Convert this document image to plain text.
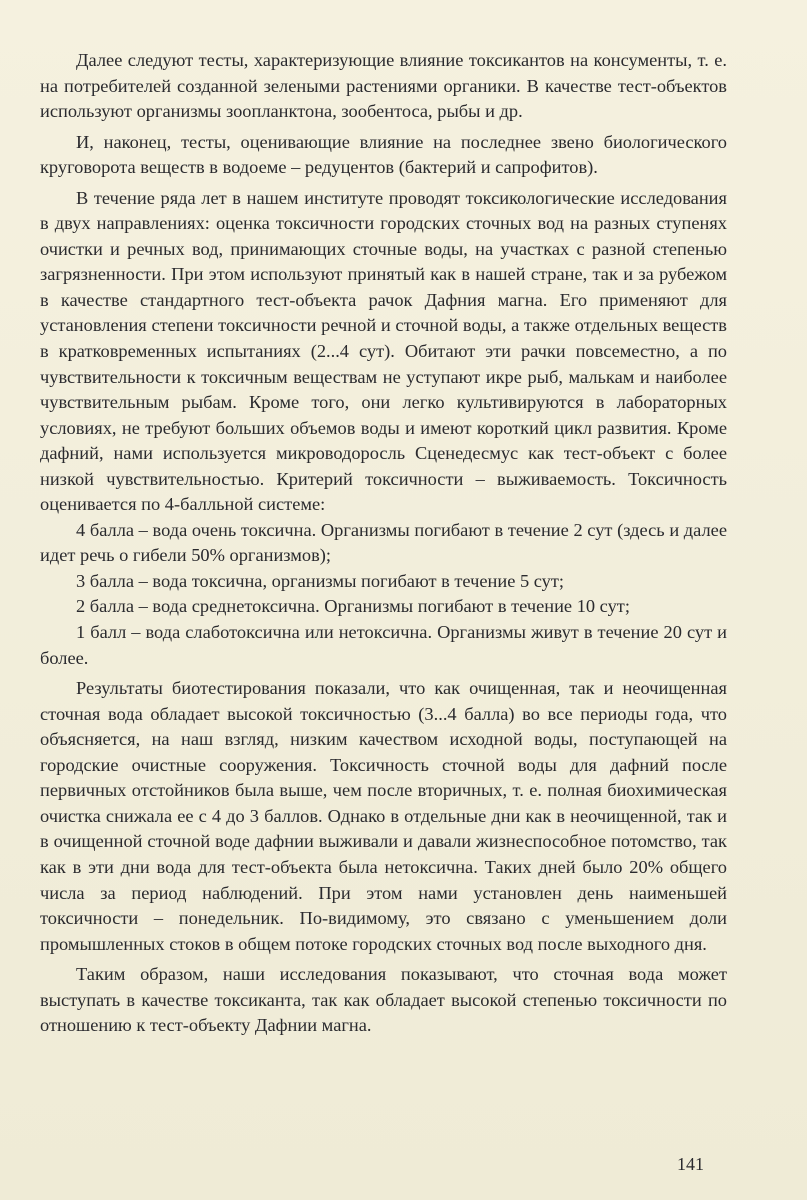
Далее следуют тесты, характеризующие влияние токсикантов на консументы, т. е. на потребителей созданной зелеными растениями органики. В качестве тест-объектов используют организмы зоопланктона, зообентоса, рыбы и др.

И, наконец, тесты, оценивающие влияние на последнее звено биологического круговорота веществ в водоеме – редуцентов (бактерий и сапрофитов).

В течение ряда лет в нашем институте проводят токсикологические исследования в двух направлениях: оценка токсичности городских сточных вод на разных ступенях очистки и речных вод, принимающих сточные воды, на участках с разной степенью загрязненности. При этом используют принятый как в нашей стране, так и за рубежом в качестве стандартного тест-объекта рачок Дафния магна. Его применяют для установления степени токсичности речной и сточной воды, а также отдельных веществ в кратковременных испытаниях (2...4 сут). Обитают эти рачки повсеместно, а по чувствительности к токсичным веществам не уступают икре рыб, малькам и наиболее чувствительным рыбам. Кроме того, они легко культивируются в лабораторных условиях, не требуют больших объемов воды и имеют короткий цикл развития. Кроме дафний, нами используется микроводоросль Сценедесмус как тест-объект с более низкой чувствительностью. Критерий токсичности – выживаемость. Токсичность оценивается по 4-балльной системе:

4 балла – вода очень токсична. Организмы погибают в течение 2 сут (здесь и далее идет речь о гибели 50% организмов);

3 балла – вода токсична, организмы погибают в течение 5 сут;

2 балла – вода среднетоксична. Организмы погибают в течение 10 сут;

1 балл – вода слаботоксична или нетоксична. Организмы живут в течение 20 сут и более.

Результаты биотестирования показали, что как очищенная, так и неочищенная сточная вода обладает высокой токсичностью (3...4 балла) во все периоды года, что объясняется, на наш взгляд, низким качеством исходной воды, поступающей на городские очистные сооружения. Токсичность сточной воды для дафний после первичных отстойников была выше, чем после вторичных, т. е. полная биохимическая очистка снижала ее с 4 до 3 баллов. Однако в отдельные дни как в неочищенной, так и в очищенной сточной воде дафнии выживали и давали жизнеспособное потомство, так как в эти дни вода для тест-объекта была нетоксична. Таких дней было 20% общего числа за период наблюдений. При этом нами установлен день наименьшей токсичности – понедельник. По-видимому, это связано с уменьшением доли промышленных стоков в общем потоке городских сточных вод после выходного дня.

Таким образом, наши исследования показывают, что сточная вода может выступать в качестве токсиканта, так как обладает высокой степенью токсичности по отношению к тест-объекту Дафнии магна.

141
